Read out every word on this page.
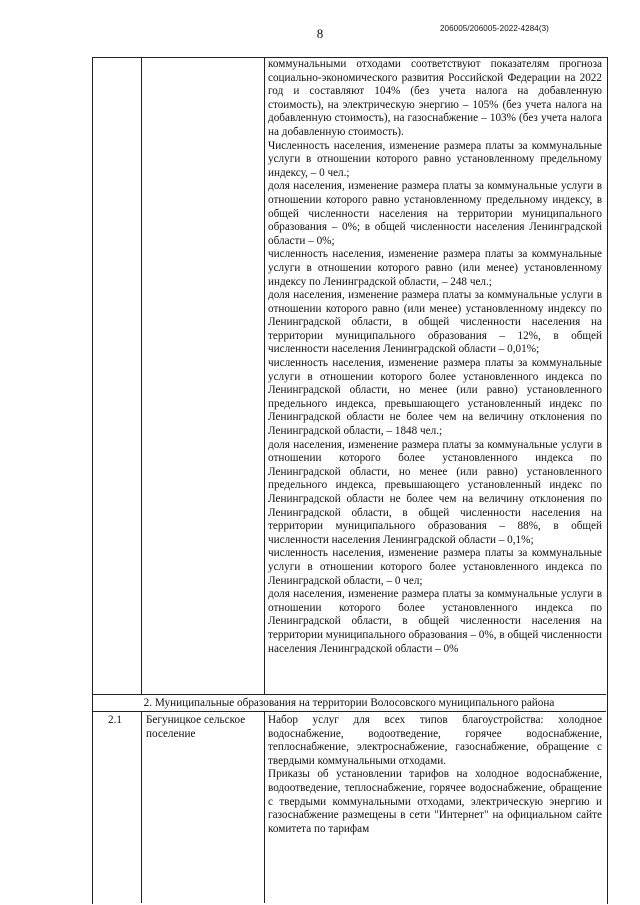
8	206005/206005-2022-4284(3)

коммунальными отходами соответствуют показателям прогноза социально-экономического развития Российской Федерации на 2022 год и составляют 104% (без учета налога на добавленную стоимость), на электрическую энергию – 105% (без учета налога на добавленную стоимость), на газоснабжение – 103% (без учета налога на добавленную стоимость).

Численность населения, изменение размера платы за коммунальные услуги в отношении которого равно установленному предельному индексу, – 0 чел.;

доля населения, изменение размера платы за коммунальные услуги в отношении которого равно установленному предельному индексу, в общей численности населения на территории муниципального образования – 0%; в общей численности населения Ленинградской области – 0%;

численность населения, изменение размера платы за коммунальные услуги в отношении которого равно (или менее) установленному индексу по Ленинградской области, – 248 чел.;

доля населения, изменение размера платы за коммунальные услуги в отношении которого равно (или менее) установленному индексу по Ленинградской области, в общей численности населения на территории муниципального образования – 12%, в общей численности населения Ленинградской области – 0,01%;

численность населения, изменение размера платы за коммунальные услуги в отношении которого более установленного индекса по Ленинградской области, но менее (или равно) установленного предельного индекса, превышающего установленный индекс по Ленинградской области не более чем на величину отклонения по Ленинградской области, – 1848 чел.;

доля населения, изменение размера платы за коммунальные услуги в отношении которого более установленного индекса по Ленинградской области, но менее (или равно) установленного предельного индекса, превышающего установленный индекс по Ленинградской области не более чем на величину отклонения по Ленинградской области, в общей численности населения на территории муниципального образования – 88%, в общей численности населения Ленинградской области – 0,1%;

численность населения, изменение размера платы за коммунальные услуги в отношении которого более установленного индекса по Ленинградской области, – 0 чел;

доля населения, изменение размера платы за коммунальные услуги в отношении которого более установленного индекса по Ленинградской области, в общей численности населения на территории муниципального образования – 0%, в общей численности населения Ленинградской области – 0%

2. Муниципальные образования на территории Волосовского муниципального района
2.1 Бегуницкое сельское поселение

Набор услуг для всех типов благоустройства: холодное водоснабжение, водоотведение, горячее водоснабжение, теплоснабжение, электроснабжение, газоснабжение, обращение с твердыми коммунальными отходами.

Приказы об установлении тарифов на холодное водоснабжение, водоотведение, теплоснабжение, горячее водоснабжение, обращение с твердыми коммунальными отходами, электрическую энергию и газоснабжение размещены в сети "Интернет" на официальном сайте комитета по тарифам
